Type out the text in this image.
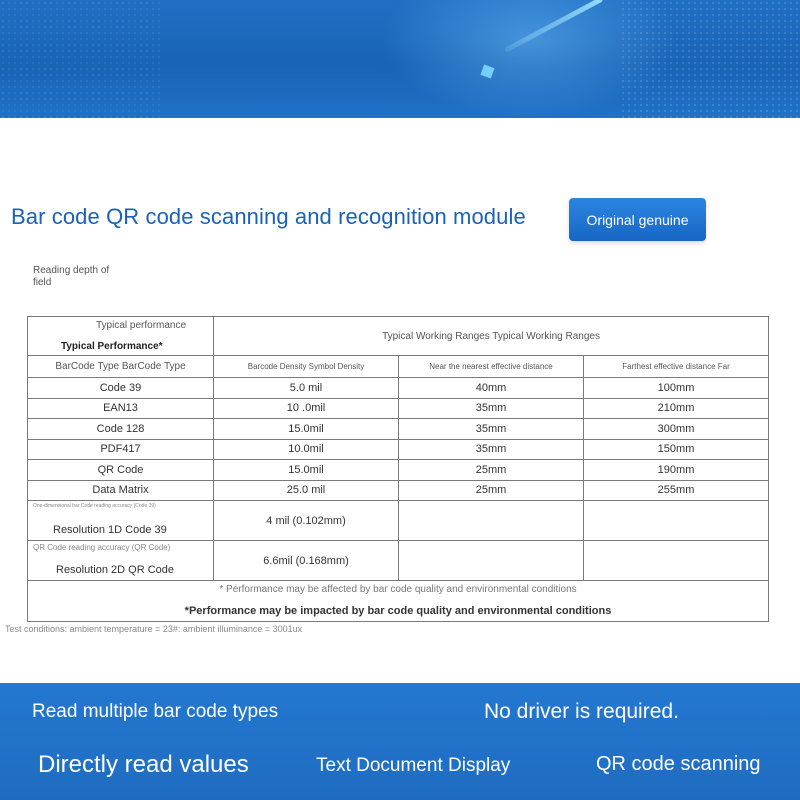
Bar code QR code scanning and recognition module	Original genuine
Reading depth of field
Typical performance
Typical Performance*	Typical Working Ranges Typical Working Ranges		
BarCode Type BarCode Type	Barcode Density Symbol Density	Near the nearest effective distance	Farthest effective distance Far
Code 39	5.0 mil	40mm	100mm
EAN13	10 .0mil	35mm	210mm
Code 128	15.0mil	35mm	300mm
PDF417	10.0mil	35mm	150mm
QR Code	15.0mil	25mm	190mm
Data Matrix	25.0 mil	25mm	255mm

One-dimensional bar Code reading accuracy (Code 39)
Resolution 1D Code 39	4 mil (0.102mm)		

QR Code reading accuracy (QR Code)
Resolution 2D QR Code	6.6mil (0.168mm)		

* Performance may be affected by bar code quality and environmental conditions
*Performance may be impacted by bar code quality and environmental conditions			
Test conditions: ambient temperature = 23#: ambient illuminance = 3001ux
Read multiple bar code types	No driver is required.
Directly read values	Text Document Display	QR code scanning
